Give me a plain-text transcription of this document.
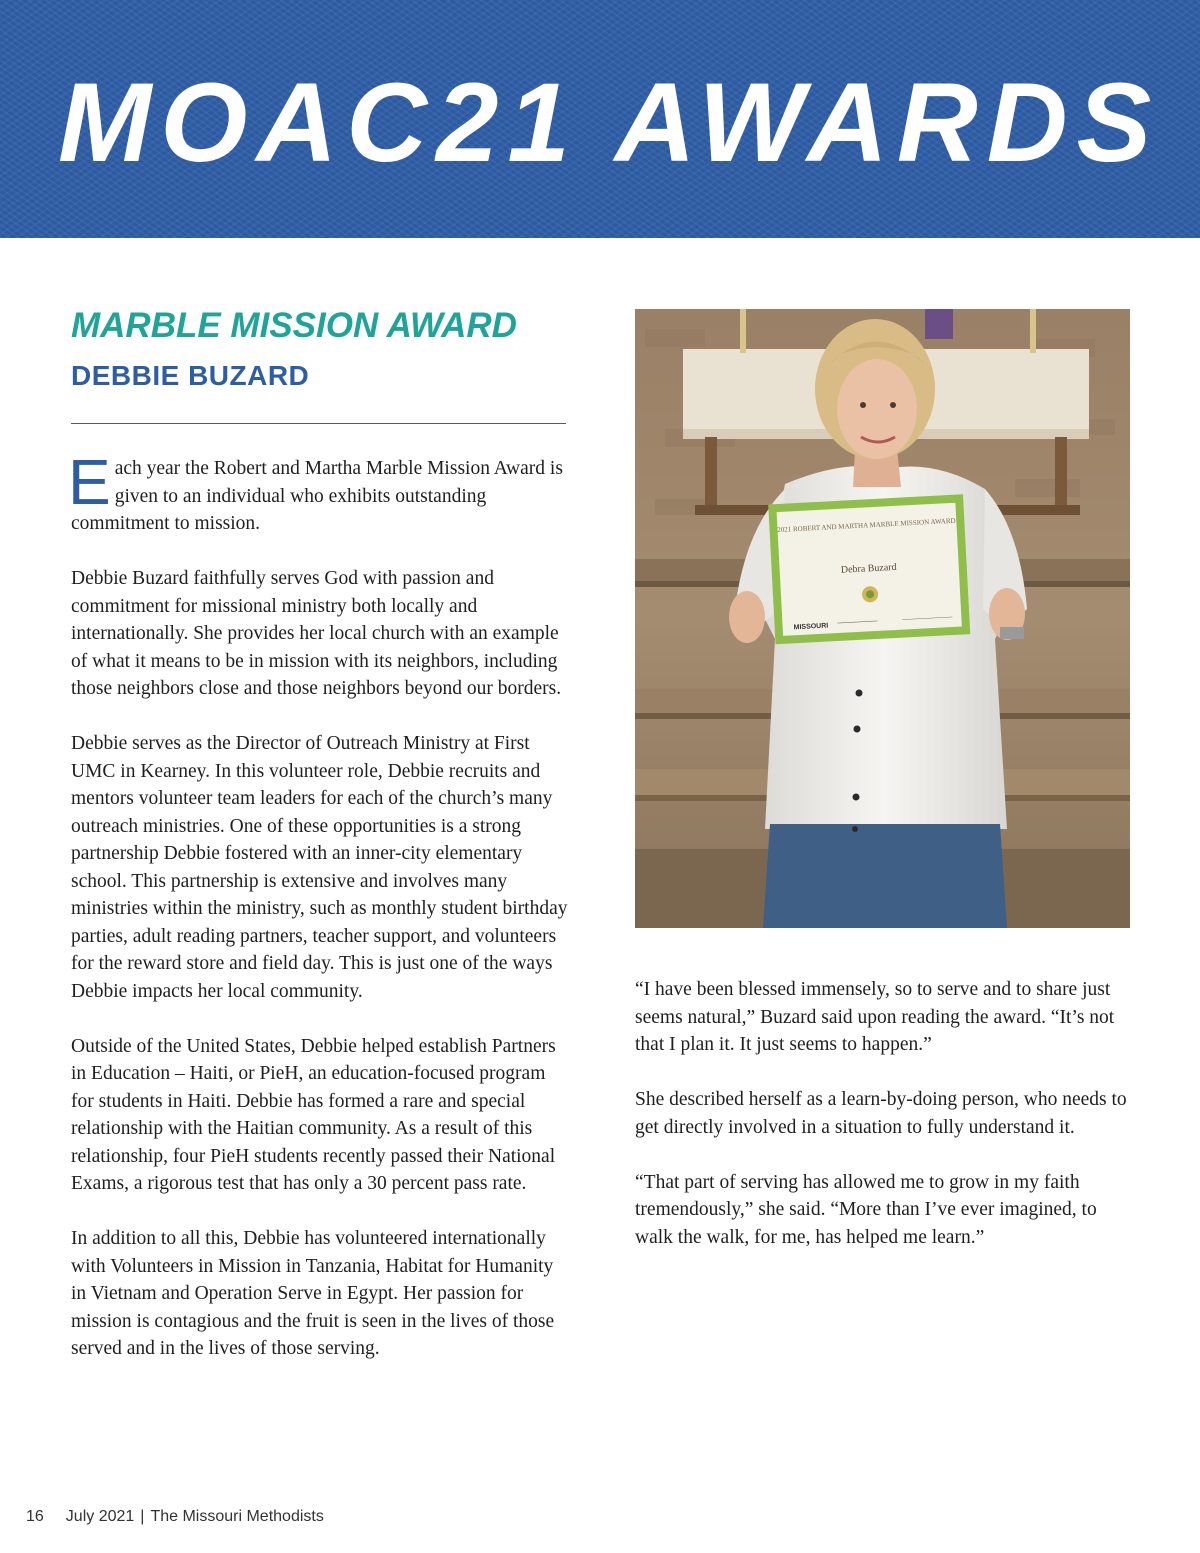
MOAC21 AWARDS
MARBLE MISSION AWARD
DEBBIE BUZARD

Each year the Robert and Martha Marble Mission Award is given to an individual who exhibits outstanding commitment to mission.

Debbie Buzard faithfully serves God with passion and commitment for missional ministry both locally and internationally. She provides her local church with an example of what it means to be in mission with its neighbors, including those neighbors close and those neighbors beyond our borders.

Debbie serves as the Director of Outreach Ministry at First UMC in Kearney. In this volunteer role, Debbie recruits and mentors volunteer team leaders for each of the church’s many outreach ministries. One of these opportunities is a strong partnership Debbie fostered with an inner-city elementary school. This partnership is extensive and involves many ministries within the ministry, such as monthly student birthday parties, adult reading partners, teacher support, and volunteers for the reward store and field day. This is just one of the ways Debbie impacts her local community.

Outside of the United States, Debbie helped establish Partners in Education – Haiti, or PieH, an education-focused program for students in Haiti. Debbie has formed a rare and special relationship with the Haitian community. As a result of this relationship, four PieH students recently passed their National Exams, a rigorous test that has only a 30 percent pass rate.

In addition to all this, Debbie has volunteered internationally with Volunteers in Mission in Tanzania, Habitat for Humanity in Vietnam and Operation Serve in Egypt. Her passion for mission is contagious and the fruit is seen in the lives of those served and in the lives of those serving.

2021 ROBERT AND MARTHA MARBLE MISSION AWARD
Debra Buzard
MISSOURI

“I have been blessed immensely, so to serve and to share just seems natural,” Buzard said upon reading the award. “It’s not that I plan it. It just seems to happen.”

She described herself as a learn-by-doing person, who needs to get directly involved in a situation to fully understand it.

“That part of serving has allowed me to grow in my faith tremendously,” she said. “More than I’ve ever imagined, to walk the walk, for me, has helped me learn.”

16 July 2021 | The Missouri Methodists
